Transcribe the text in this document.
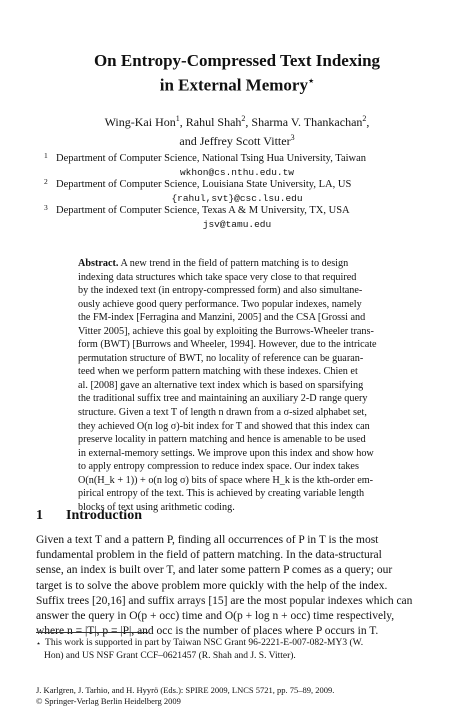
On Entropy-Compressed Text Indexing
in External Memory⋆
Wing-Kai Hon$^1$, Rahul Shah$^2$, Sharma V. Thankachan$^2$,
and Jeffrey Scott Vitter$^3$
1 Department of Computer Science, National Tsing Hua University, Taiwan
wkhon@cs.nthu.edu.tw
2 Department of Computer Science, Louisiana State University, LA, US
{rahul,svt}@csc.lsu.edu
3 Department of Computer Science, Texas A & M University, TX, USA
jsv@tamu.edu

Abstract. A new trend in the field of pattern matching is to design

indexing data structures which take space very close to that required

by the indexed text (in entropy-compressed form) and also simultane-

ously achieve good query performance. Two popular indexes, namely

the FM-index [Ferragina and Manzini, 2005] and the CSA [Grossi and

Vitter 2005], achieve this goal by exploiting the Burrows-Wheeler trans-

form (BWT) [Burrows and Wheeler, 1994]. However, due to the intricate

permutation structure of BWT, no locality of reference can be guaran-

teed when we perform pattern matching with these indexes. Chien et

al. [2008] gave an alternative text index which is based on sparsifying

the traditional suffix tree and maintaining an auxiliary 2-D range query

structure. Given a text T of length n drawn from a σ-sized alphabet set,

they achieved O(n log σ)-bit index for T and showed that this index can

preserve locality in pattern matching and hence is amenable to be used

in external-memory settings. We improve upon this index and show how

to apply entropy compression to reduce index space. Our index takes

O(n(H_k + 1)) + o(n log σ) bits of space where H_k is the kth-order em-

pirical entropy of the text. This is achieved by creating variable length

blocks of text using arithmetic coding.

1 Introduction

Given a text T and a pattern P, finding all occurrences of P in T is the most

fundamental problem in the field of pattern matching. In the data-structural

sense, an index is built over T, and later some pattern P comes as a query; our

target is to solve the above problem more quickly with the help of the index.

Suffix trees [20,16] and suffix arrays [15] are the most popular indexes which can

answer the query in O(p + occ) time and O(p + log n + occ) time respectively,

where n = |T|, p = |P|, and occ is the number of places where P occurs in T.

⋆ This work is supported in part by Taiwan NSC Grant 96-2221-E-007-082-MY3 (W.

Hon) and US NSF Grant CCF–0621457 (R. Shah and J. S. Vitter).

J. Karlgren, J. Tarhio, and H. Hyyrö (Eds.): SPIRE 2009, LNCS 5721, pp. 75–89, 2009.
© Springer-Verlag Berlin Heidelberg 2009
